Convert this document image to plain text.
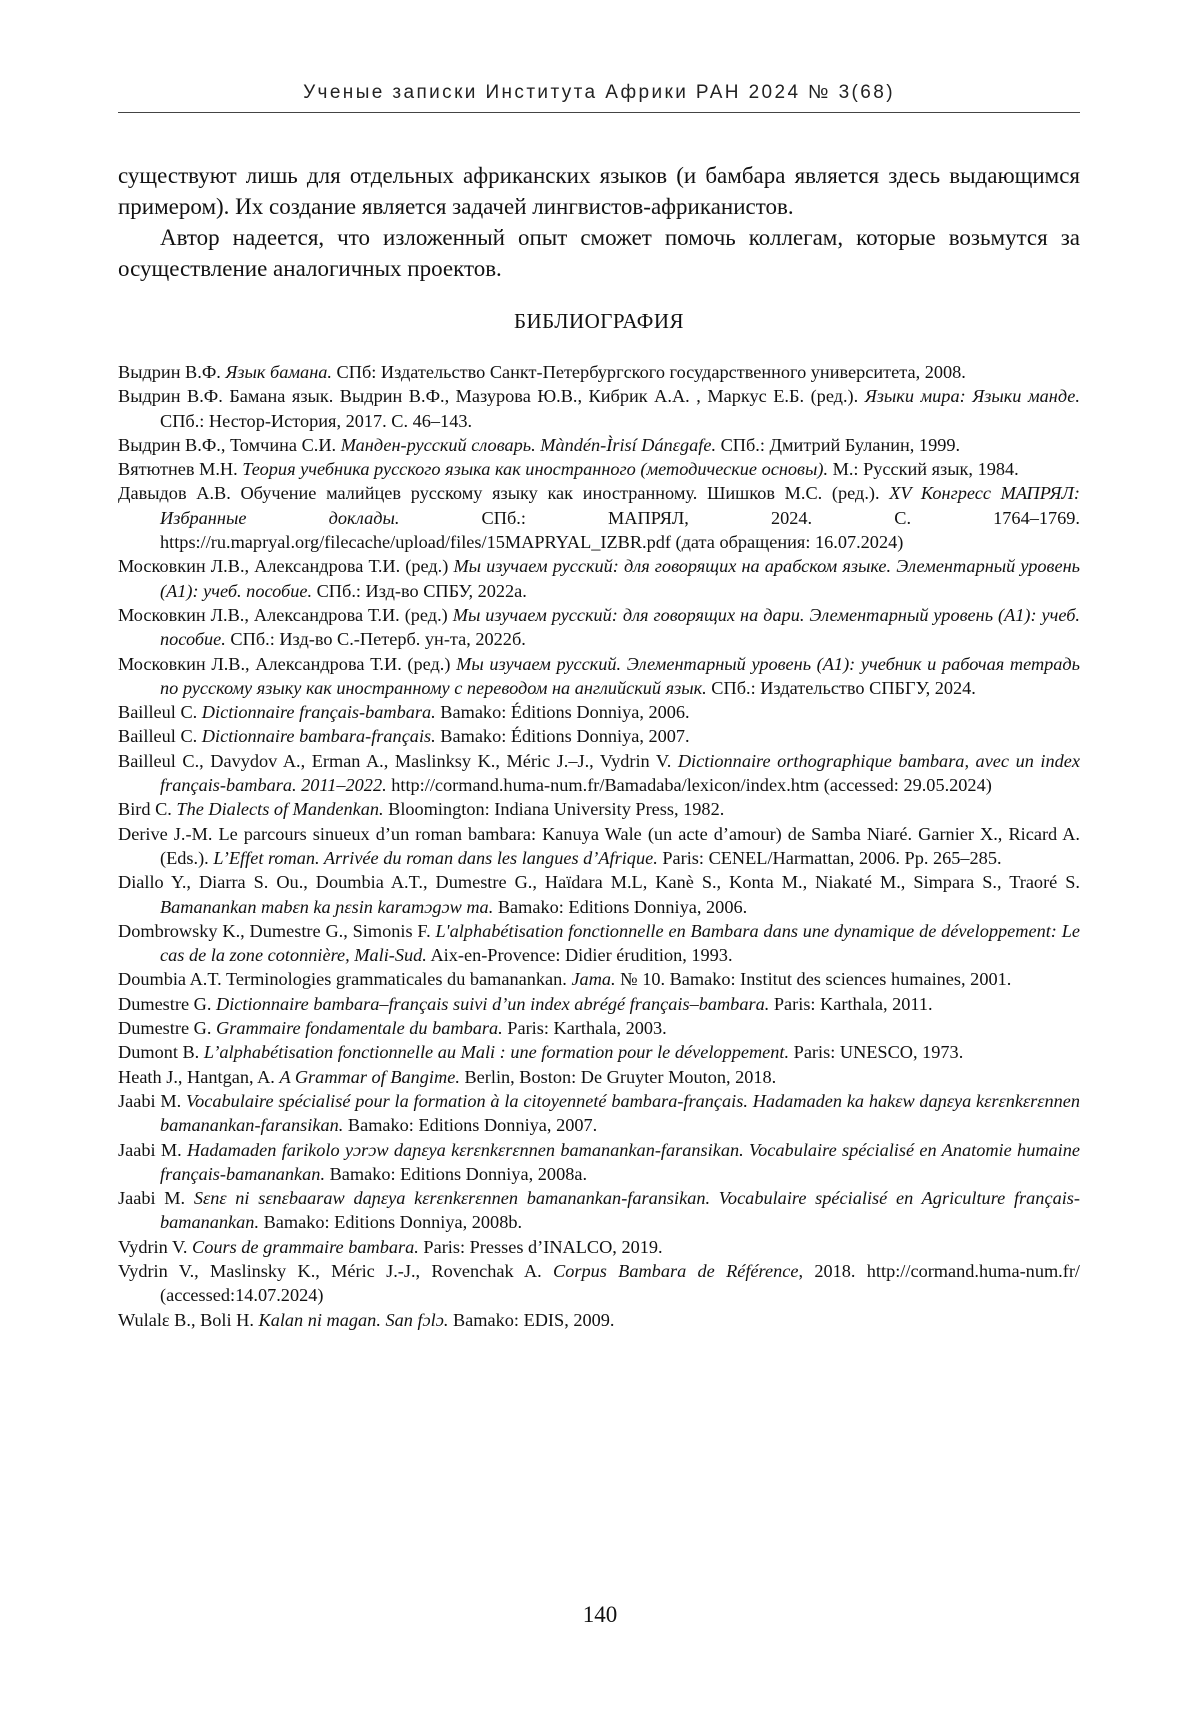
Ученые записки Института Африки РАН 2024 № 3(68)

существуют лишь для отдельных африканских языков (и бамбара является здесь выдающимся примером). Их создание является задачей лингвистов-африканистов.

Автор надеется, что изложенный опыт сможет помочь коллегам, которые возьмутся за осуществление аналогичных проектов.

БИБЛИОГРАФИЯ

Выдрин В.Ф. Язык бамана. СПб: Издательство Санкт-Петербургского государственного университета, 2008.

Выдрин В.Ф. Бамана язык. Выдрин В.Ф., Мазурова Ю.В., Кибрик А.А. , Маркус Е.Б. (ред.). Языки мира: Языки манде. СПб.: Нестор-История, 2017. С. 46–143.

Выдрин В.Ф., Томчина С.И. Манден-русский словарь. Màndén-Ìrisí Dánɛgafe. СПб.: Дмитрий Буланин, 1999.

Вятютнев М.Н. Теория учебника русского языка как иностранного (методические основы). М.: Русский язык, 1984.

Давыдов А.В. Обучение малийцев русскому языку как иностранному. Шишков М.С. (ред.). XV Конгресс МАПРЯЛ: Избранные доклады. СПб.: МАПРЯЛ, 2024. С. 1764–1769. https://ru.mapryal.org/filecache/upload/files/15MAPRYAL_IZBR.pdf (дата обращения: 16.07.2024)

Московкин Л.В., Александрова Т.И. (ред.) Мы изучаем русский: для говорящих на арабском языке. Элементарный уровень (А1): учеб. пособие. СПб.: Изд-во СПБУ, 2022а.

Московкин Л.В., Александрова Т.И. (ред.) Мы изучаем русский: для говорящих на дари. Элементарный уровень (А1): учеб. пособие. СПб.: Изд-во С.-Петерб. ун-та, 2022б.

Московкин Л.В., Александрова Т.И. (ред.) Мы изучаем русский. Элементарный уровень (А1): учебник и рабочая тетрадь по русскому языку как иностранному с переводом на английский язык. СПб.: Издательство СПБГУ, 2024.

Bailleul C. Dictionnaire français-bambara. Bamako: Éditions Donniya, 2006.

Bailleul C. Dictionnaire bambara-français. Bamako: Éditions Donniya, 2007.

Bailleul C., Davydov A., Erman A., Maslinksy K., Méric J.–J., Vydrin V. Dictionnaire orthographique bambara, avec un index français-bambara. 2011–2022. http://cormand.huma-num.fr/Bamadaba/lexicon/index.htm (accessed: 29.05.2024)

Bird C. The Dialects of Mandenkan. Bloomington: Indiana University Press, 1982.

Derive J.-M. Le parcours sinueux d’un roman bambara: Kanuya Wale (un acte d’amour) de Samba Niaré. Garnier X., Ricard A. (Eds.). L’Effet roman. Arrivée du roman dans les langues d’Afrique. Paris: CENEL/Harmattan, 2006. Pp. 265–285.

Diallo Y., Diarra S. Ou., Doumbia A.T., Dumestre G., Haïdara M.L, Kanè S., Konta M., Niakaté M., Simpara S., Traoré S. Bamanankan mabɛn ka ɲɛsin karamɔgɔw ma. Bamako: Editions Donniya, 2006.

Dombrowsky K., Dumestre G., Simonis F. L'alphabétisation fonctionnelle en Bambara dans une dynamique de développement: Le cas de la zone cotonnière, Mali-Sud. Aix-en-Provence: Didier érudition, 1993.

Doumbia A.T. Terminologies grammaticales du bamanankan. Jama. № 10. Bamako: Institut des sciences humaines, 2001.

Dumestre G. Dictionnaire bambara–français suivi d’un index abrégé français–bambara. Paris: Karthala, 2011.

Dumestre G. Grammaire fondamentale du bambara. Paris: Karthala, 2003.

Dumont B. L’alphabétisation fonctionnelle au Mali : une formation pour le développement. Paris: UNESCO, 1973.

Heath J., Hantgan, A. A Grammar of Bangime. Berlin, Boston: De Gruyter Mouton, 2018.

Jaabi M. Vocabulaire spécialisé pour la formation à la citoyenneté bambara-français. Hadamaden ka hakɛw daɲɛya kɛrɛnkɛrɛnnen bamanankan-faransikan. Bamako: Editions Donniya, 2007.

Jaabi M. Hadamaden farikolo yɔrɔw daɲɛya kɛrɛnkɛrɛnnen bamanankan-faransikan. Vocabulaire spécialisé en Anatomie humaine français-bamanankan. Bamako: Editions Donniya, 2008a.

Jaabi M. Sɛnɛ ni sɛnɛbaaraw daɲɛya kɛrɛnkɛrɛnnen bamanankan-faransikan. Vocabulaire spécialisé en Agriculture français-bamanankan. Bamako: Editions Donniya, 2008b.

Vydrin V. Cours de grammaire bambara. Paris: Presses d’INALCO, 2019.

Vydrin V., Maslinsky K., Méric J.-J., Rovenchak A. Corpus Bambara de Référence, 2018. http://cormand.huma-num.fr/ (accessed:14.07.2024)

Wulalɛ B., Boli H. Kalan ni magan. San fɔlɔ. Bamako: EDIS, 2009.

140
